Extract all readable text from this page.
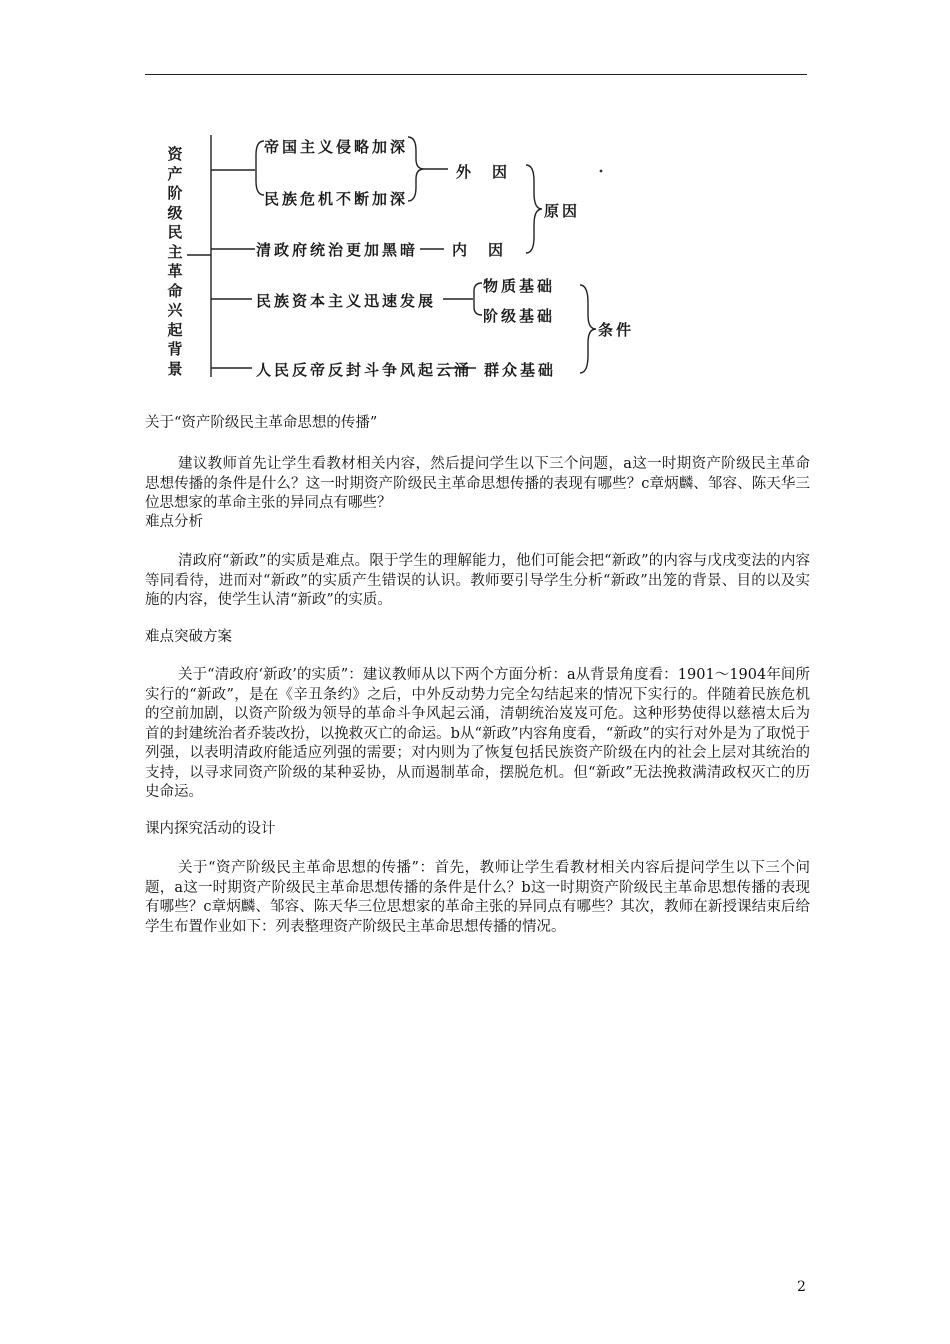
资产阶级民主革命兴起背景
帝国主义侵略加深
民族危机不断加深
外　因
清政府统治更加黑暗 内　因
原因
民族资本主义迅速发展
物质基础
阶级基础
人民反帝反封斗争风起云涌 群众基础
条件
关于“资产阶级民主革命思想的传播”
建议教师首先让学生看教材相关内容，然后提问学生以下三个问题，a这一时期资产阶级民主革命思想传播的条件是什么？这一时期资产阶级民主革命思想传播的表现有哪些？c章炳麟、邹容、陈天华三位思想家的革命主张的异同点有哪些？
难点分析
清政府“新政”的实质是难点。限于学生的理解能力，他们可能会把“新政”的内容与戊戌变法的内容等同看待，进而对“新政”的实质产生错误的认识。教师要引导学生分析“新政”出笼的背景、目的以及实施的内容，使学生认清“新政”的实质。
难点突破方案
关于“清政府‘新政’的实质”：建议教师从以下两个方面分析：a从背景角度看：1901～1904年间所实行的“新政”，是在《辛丑条约》之后，中外反动势力完全勾结起来的情况下实行的。伴随着民族危机的空前加剧，以资产阶级为领导的革命斗争风起云涌，清朝统治岌岌可危。这种形势使得以慈禧太后为首的封建统治者乔装改扮，以挽救灭亡的命运。b从“新政”内容角度看，“新政”的实行对外是为了取悦于列强，以表明清政府能适应列强的需要；对内则为了恢复包括民族资产阶级在内的社会上层对其统治的支持，以寻求同资产阶级的某种妥协，从而遏制革命，摆脱危机。但“新政”无法挽救满清政权灭亡的历史命运。
课内探究活动的设计
关于“资产阶级民主革命思想的传播”：首先，教师让学生看教材相关内容后提问学生以下三个问题，a这一时期资产阶级民主革命思想传播的条件是什么？b这一时期资产阶级民主革命思想传播的表现有哪些？c章炳麟、邹容、陈天华三位思想家的革命主张的异同点有哪些？其次，教师在新授课结束后给学生布置作业如下：列表整理资产阶级民主革命思想传播的情况。
2
